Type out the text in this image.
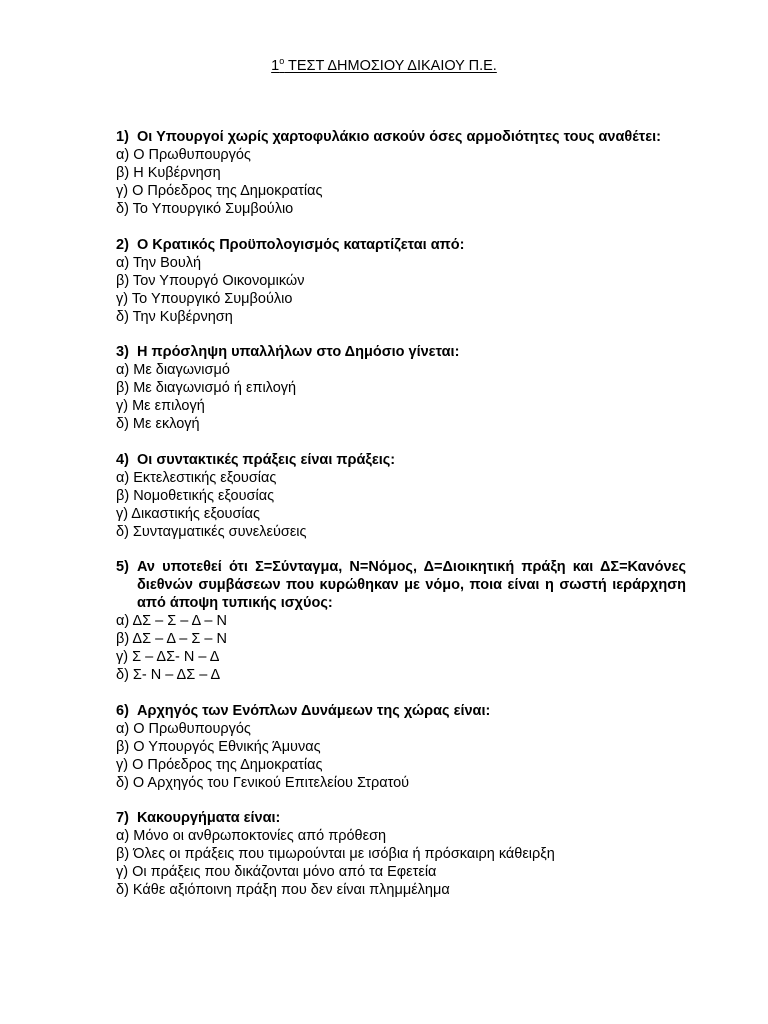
$1^o$ ΤΕΣΤ ΔΗΜΟΣΙΟΥ ΔΙΚΑΙΟΥ Π.Ε.
1) Οι Υπουργοί χωρίς χαρτοφυλάκιο ασκούν όσες αρμοδιότητες τους αναθέτει:
α) Ο Πρωθυπουργός
β) Η Κυβέρνηση
γ) Ο Πρόεδρος της Δημοκρατίας
δ) Το Υπουργικό Συμβούλιο
2) Ο Κρατικός Προϋπολογισμός καταρτίζεται από:
α) Την Βουλή
β) Τον Υπουργό Οικονομικών
γ) Το Υπουργικό Συμβούλιο
δ) Την Κυβέρνηση
3) Η πρόσληψη υπαλλήλων στο Δημόσιο γίνεται:
α) Με διαγωνισμό
β) Με διαγωνισμό ή επιλογή
γ) Με επιλογή
δ) Με εκλογή
4) Οι συντακτικές πράξεις είναι πράξεις:
α) Εκτελεστικής εξουσίας
β) Νομοθετικής εξουσίας
γ) Δικαστικής εξουσίας
δ) Συνταγματικές συνελεύσεις
5) Αν υποτεθεί ότι Σ=Σύνταγμα, Ν=Νόμος, Δ=Διοικητική πράξη και ΔΣ=Κανόνες διεθνών συμβάσεων που κυρώθηκαν με νόμο, ποια είναι η σωστή ιεράρχηση από άποψη τυπικής ισχύος:
α) ΔΣ – Σ – Δ – Ν
β) ΔΣ – Δ – Σ – Ν
γ) Σ – ΔΣ- Ν – Δ
δ) Σ- Ν – ΔΣ – Δ
6) Αρχηγός των Ενόπλων Δυνάμεων της χώρας είναι:
α) Ο Πρωθυπουργός
β) Ο Υπουργός Εθνικής Άμυνας
γ) Ο Πρόεδρος της Δημοκρατίας
δ) Ο Αρχηγός του Γενικού Επιτελείου Στρατού
7) Κακουργήματα είναι:
α) Μόνο οι ανθρωποκτονίες από πρόθεση
β) Όλες οι πράξεις που τιμωρούνται με ισόβια ή πρόσκαιρη κάθειρξη
γ) Οι πράξεις που δικάζονται μόνο από τα Εφετεία
δ) Κάθε αξιόποινη πράξη που δεν είναι πλημμέλημα
